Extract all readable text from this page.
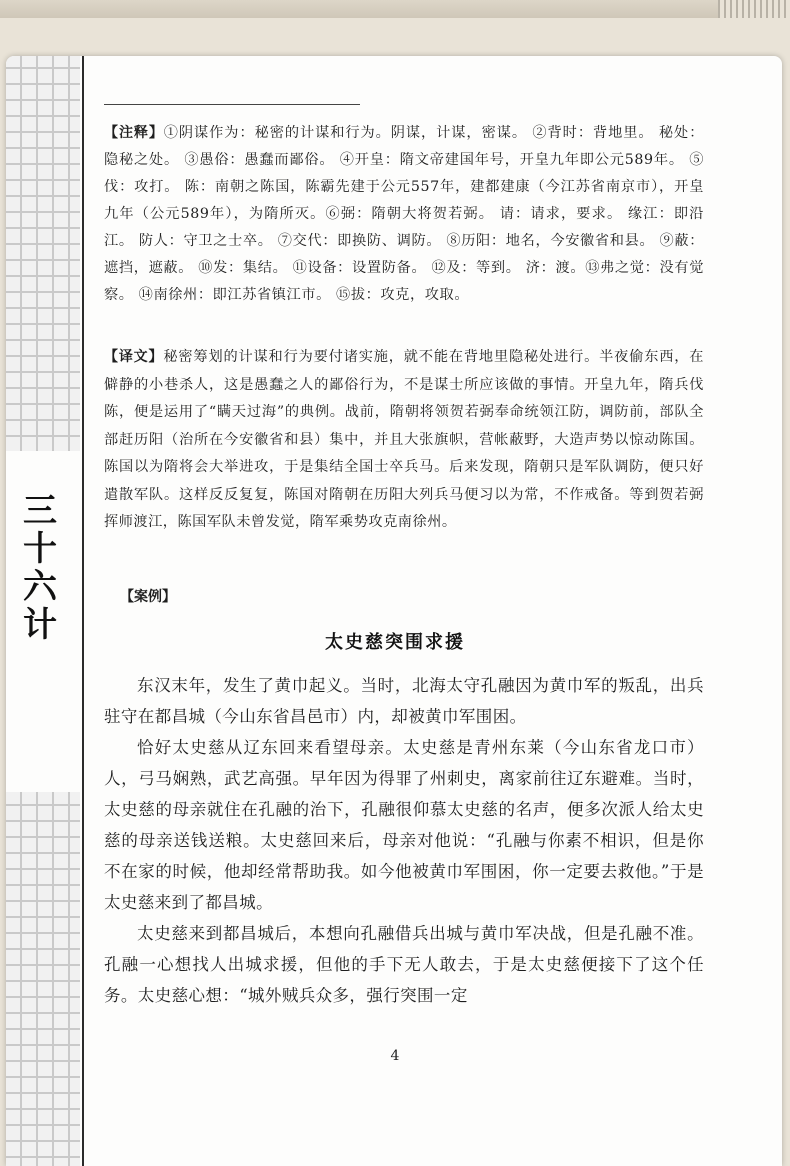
三
十
六
计

【注释】①阴谋作为：秘密的计谋和行为。阴谋，计谋，密谋。 ②背时：背地里。 秘处：隐秘之处。 ③愚俗：愚蠢而鄙俗。 ④开皇：隋文帝建国年号，开皇九年即公元589年。 ⑤伐：攻打。 陈：南朝之陈国，陈霸先建于公元557年，建都建康（今江苏省南京市），开皇九年（公元589年），为隋所灭。⑥弼：隋朝大将贺若弼。 请：请求，要求。 缘江：即沿江。 防人：守卫之士卒。 ⑦交代：即换防、调防。 ⑧历阳：地名，今安徽省和县。 ⑨蔽：遮挡，遮蔽。 ⑩发：集结。 ⑪设备：设置防备。 ⑫及：等到。 济：渡。⑬弗之觉：没有觉察。 ⑭南徐州：即江苏省镇江市。 ⑮拔：攻克，攻取。

【译文】秘密筹划的计谋和行为要付诸实施，就不能在背地里隐秘处进行。半夜偷东西，在僻静的小巷杀人，这是愚蠢之人的鄙俗行为，不是谋士所应该做的事情。开皇九年，隋兵伐陈，便是运用了“瞒天过海”的典例。战前，隋朝将领贺若弼奉命统领江防，调防前，部队全部赶历阳（治所在今安徽省和县）集中，并且大张旗帜，营帐蔽野，大造声势以惊动陈国。陈国以为隋将会大举进攻，于是集结全国士卒兵马。后来发现，隋朝只是军队调防，便只好遣散军队。这样反反复复，陈国对隋朝在历阳大列兵马便习以为常，不作戒备。等到贺若弼挥师渡江，陈国军队未曾发觉，隋军乘势攻克南徐州。

【案例】
太史慈突围求援

东汉末年，发生了黄巾起义。当时，北海太守孔融因为黄巾军的叛乱，出兵驻守在都昌城（今山东省昌邑市）内，却被黄巾军围困。

恰好太史慈从辽东回来看望母亲。太史慈是青州东莱（今山东省龙口市）人，弓马娴熟，武艺高强。早年因为得罪了州刺史，离家前往辽东避难。当时，太史慈的母亲就住在孔融的治下，孔融很仰慕太史慈的名声，便多次派人给太史慈的母亲送钱送粮。太史慈回来后，母亲对他说：“孔融与你素不相识，但是你不在家的时候，他却经常帮助我。如今他被黄巾军围困，你一定要去救他。”于是太史慈来到了都昌城。

太史慈来到都昌城后，本想向孔融借兵出城与黄巾军决战，但是孔融不准。孔融一心想找人出城求援，但他的手下无人敢去，于是太史慈便接下了这个任务。太史慈心想：“城外贼兵众多，强行突围一定

4
